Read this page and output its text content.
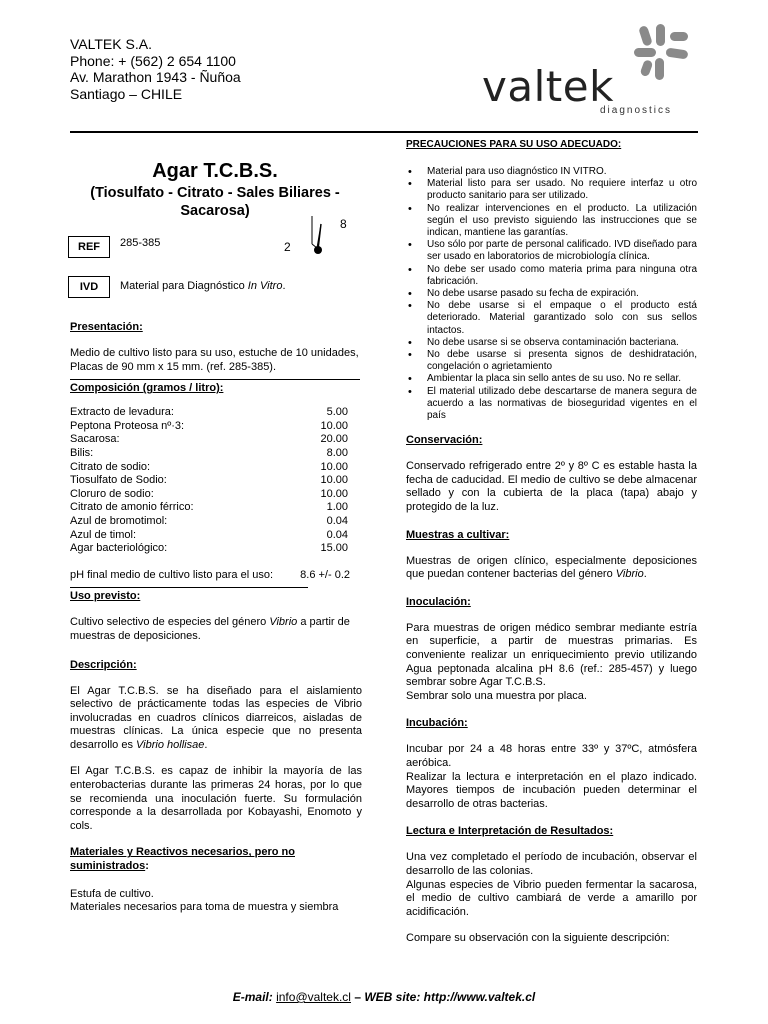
VALTEK S.A.
Phone: + (562) 2 654 1100
Av. Marathon 1943 - Ñuñoa
Santiago – CHILE	valtek
diagnostics
Agar T.C.B.S.
(Tiosulfato - Citrato - Sales Biliares -
Sacarosa)
REF	285-385	2
8
IVD	Material para Diagnóstico In Vitro.
Presentación:
Medio de cultivo listo para su uso, estuche de 10 unidades, Placas de 90 mm x 15 mm. (ref. 285-385).
Composición (gramos / litro):
Extracto de levadura:	5.00
Peptona Proteosa nº·3:	10.00
Sacarosa:	20.00
Bilis:	8.00
Citrato de sodio:	10.00
Tiosulfato de Sodio:	10.00
Cloruro de sodio:	10.00
Citrato de amonio férrico:	1.00
Azul de bromotimol:	0.04
Azul de timol:	0.04
Agar bacteriológico:	15.00
pH final medio de cultivo listo para el uso: 8.6 +/- 0.2
Uso previsto:
Cultivo selectivo de especies del género Vibrio a partir de muestras de deposiciones.
Descripción:
El Agar T.C.B.S. se ha diseñado para el aislamiento selectivo de prácticamente todas las especies de Vibrio involucradas en cuadros clínicos diarreicos, aisladas de muestras clínicas. La única especie que no presenta desarrollo es Vibrio hollisae.
El Agar T.C.B.S. es capaz de inhibir la mayoría de las enterobacterias durante las primeras 24 horas, por lo que se recomienda una inoculación fuerte. Su formulación corresponde a la desarrollada por Kobayashi, Enomoto y cols.
Materiales y Reactivos necesarios, pero no
suministrados:
Estufa de cultivo.
Materiales necesarios para toma de muestra y siembra
PRECAUCIONES PARA SU USO ADECUADO:
• Material para uso diagnóstico IN VITRO.
• Material listo para ser usado. No requiere interfaz u otro producto sanitario para ser utilizado.
• No realizar intervenciones en el producto. La utilización según el uso previsto siguiendo las instrucciones que se indican, mantiene las garantías.
• Uso sólo por parte de personal calificado. IVD diseñado para ser usado en laboratorios de microbiología clínica.
• No debe ser usado como materia prima para ninguna otra fabricación.
• No debe usarse pasado su fecha de expiración.
• No debe usarse si el empaque o el producto está deteriorado. Material garantizado solo con sus sellos intactos.
• No debe usarse si se observa contaminación bacteriana.
• No debe usarse si presenta signos de deshidratación, congelación o agrietamiento
• Ambientar la placa sin sello antes de su uso. No re sellar.
• El material utilizado debe descartarse de manera segura de acuerdo a las normativas de bioseguridad vigentes en el país
Conservación:
Conservado refrigerado entre 2º y 8º C es estable hasta la fecha de caducidad. El medio de cultivo se debe almacenar sellado y con la cubierta de la placa (tapa) abajo y protegido de la luz.
Muestras a cultivar:
Muestras de origen clínico, especialmente deposiciones que puedan contener bacterias del género Vibrio.
Inoculación:
Para muestras de origen médico sembrar mediante estría en superficie, a partir de muestras primarias. Es conveniente realizar un enriquecimiento previo utilizando Agua peptonada alcalina pH 8.6 (ref.: 285-457) y luego sembrar sobre Agar T.C.B.S.
Sembrar solo una muestra por placa.
Incubación:
Incubar por 24 a 48 horas entre 33º y 37ºC, atmósfera aeróbica.
Realizar la lectura e interpretación en el plazo indicado. Mayores tiempos de incubación pueden determinar el desarrollo de otras bacterias.
Lectura e Interpretación de Resultados:
Una vez completado el período de incubación, observar el desarrollo de las colonias.
Algunas especies de Vibrio pueden fermentar la sacarosa, el medio de cultivo cambiará de verde a amarillo por acidificación.
Compare su observación con la siguiente descripción:
E-mail: info@valtek.cl – WEB site: http://www.valtek.cl
